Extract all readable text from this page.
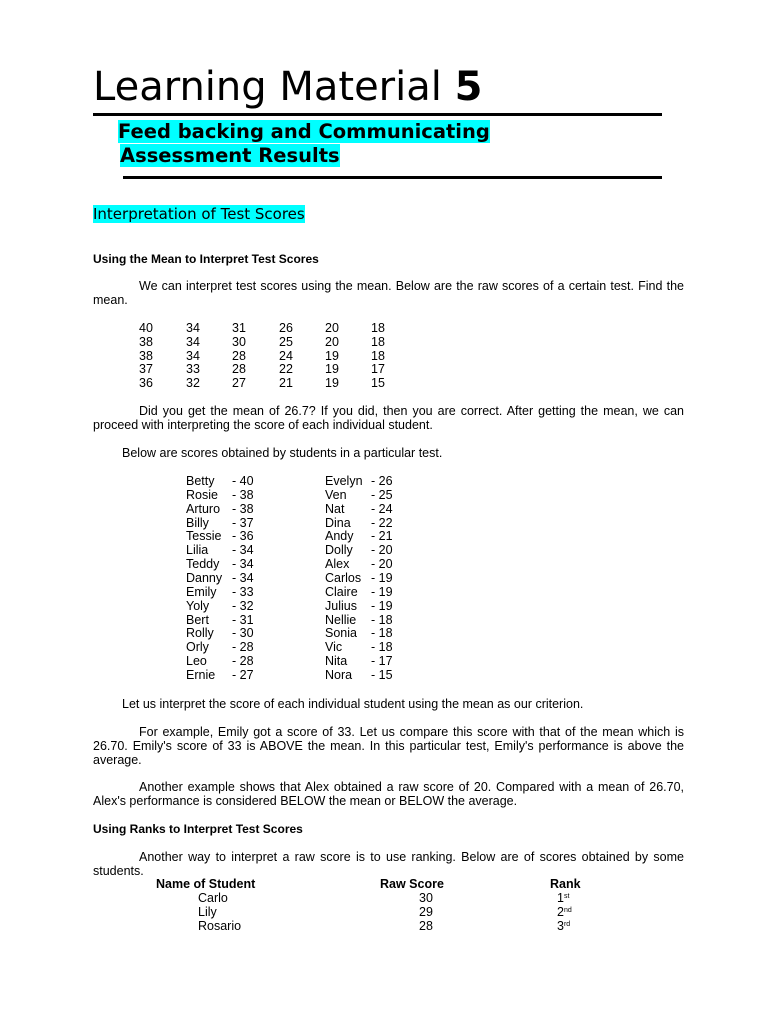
Learning Material 5
Feed backing and Communicating
Assessment Results
Interpretation of Test Scores
Using the Mean to Interpret Test Scores
We can interpret test scores using the mean. Below are the raw scores of a certain test. Find the mean.
40	34	31	26	20	18
38	34	30	25	20	18
38	34	28	24	19	18
37	33	28	22	19	17
36	32	27	21	19	15
Did you get the mean of 26.7? If you did, then you are correct. After getting the mean, we can proceed with interpreting the score of each individual student.
Below are scores obtained by students in a particular test.
Betty - 40
Rosie - 38
Arturo - 38
Billy - 37
Tessie - 36
Lilia - 34
Teddy - 34
Danny - 34
Emily - 33
Yoly - 32
Bert - 31
Rolly - 30
Orly - 28
Leo - 28
Ernie - 27
Evelyn - 26
Ven - 25
Nat - 24
Dina - 22
Andy - 21
Dolly - 20
Alex - 20
Carlos - 19
Claire - 19
Julius - 19
Nellie - 18
Sonia - 18
Vic - 18
Nita - 17
Nora - 15
Let us interpret the score of each individual student using the mean as our criterion.
For example, Emily got a score of 33. Let us compare this score with that of the mean which is 26.70. Emily's score of 33 is ABOVE the mean. In this particular test, Emily's performance is above the average.
Another example shows that Alex obtained a raw score of 20. Compared with a mean of 26.70, Alex's performance is considered BELOW the mean or BELOW the average.
Using Ranks to Interpret Test Scores
Another way to interpret a raw score is to use ranking. Below are of scores obtained by some students.
Name of Student	Raw Score	Rank
Carlo	30	1st
Lily	29	2nd
Rosario	28	3rd
